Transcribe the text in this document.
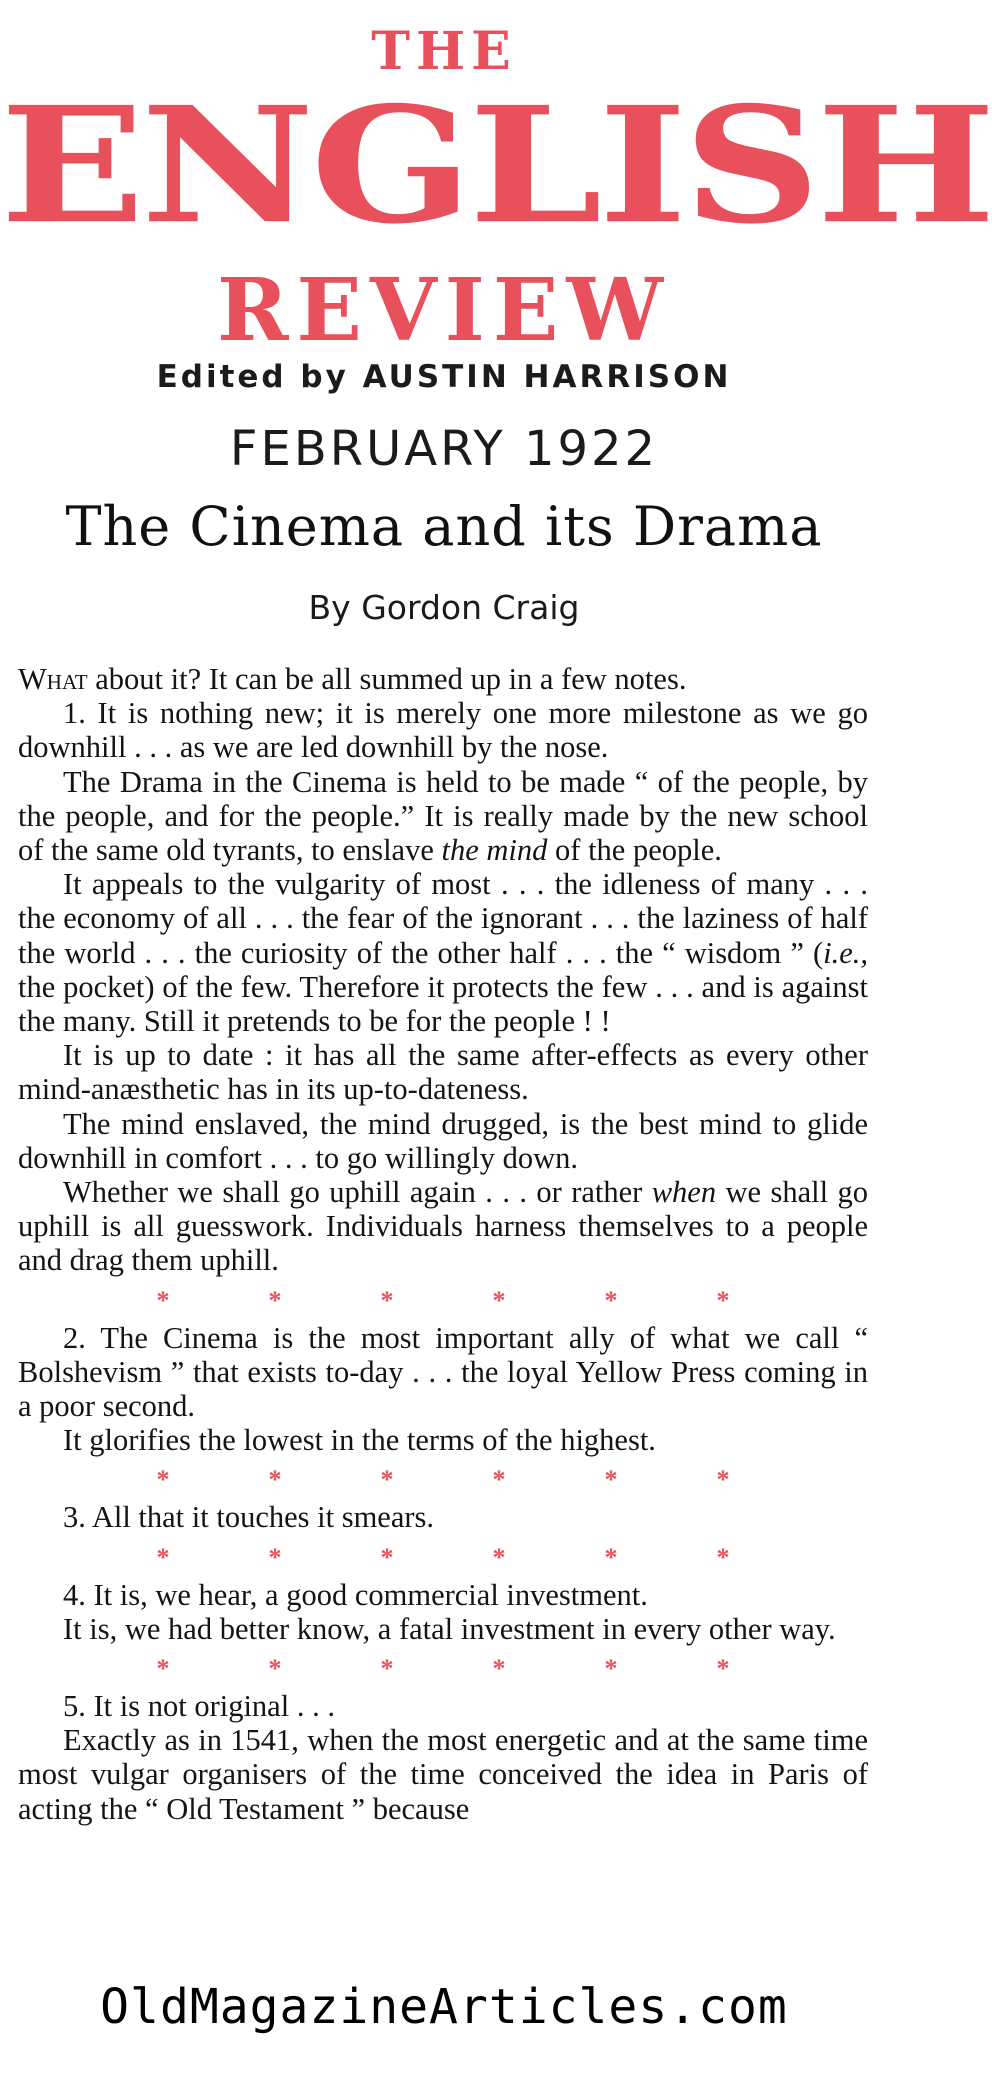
THE
ENGLISH
REVIEW
Edited by AUSTIN HARRISON
FEBRUARY 1922
The Cinema and its Drama
By Gordon Craig

What about it? It can be all summed up in a few notes.

1. It is nothing new; it is merely one more milestone as we go downhill . . . as we are led downhill by the nose.

The Drama in the Cinema is held to be made “ of the people, by the people, and for the people.” It is really made by the new school of the same old tyrants, to enslave the mind of the people.

It appeals to the vulgarity of most . . . the idleness of many . . . the economy of all . . . the fear of the ignorant . . . the laziness of half the world . . . the curiosity of the other half . . . the “ wisdom ” (i.e., the pocket) of the few. Therefore it protects the few . . . and is against the many. Still it pretends to be for the people ! !

It is up to date : it has all the same after-effects as every other mind-anæsthetic has in its up-to-dateness.

The mind enslaved, the mind drugged, is the best mind to glide downhill in comfort . . . to go willingly down.

Whether we shall go uphill again . . . or rather when we shall go uphill is all guesswork. Individuals harness themselves to a people and drag them uphill.

*	*	*	*	*	*

2. The Cinema is the most important ally of what we call “ Bolshevism ” that exists to-day . . . the loyal Yellow Press coming in a poor second.

It glorifies the lowest in the terms of the highest.

*	*	*	*	*	*

3. All that it touches it smears.

*	*	*	*	*	*

4. It is, we hear, a good commercial investment.

It is, we had better know, a fatal investment in every other way.

*	*	*	*	*	*

5. It is not original . . .

Exactly as in 1541, when the most energetic and at the same time most vulgar organisers of the time conceived the idea in Paris of acting the “ Old Testament ” because

OldMagazineArticles.com
